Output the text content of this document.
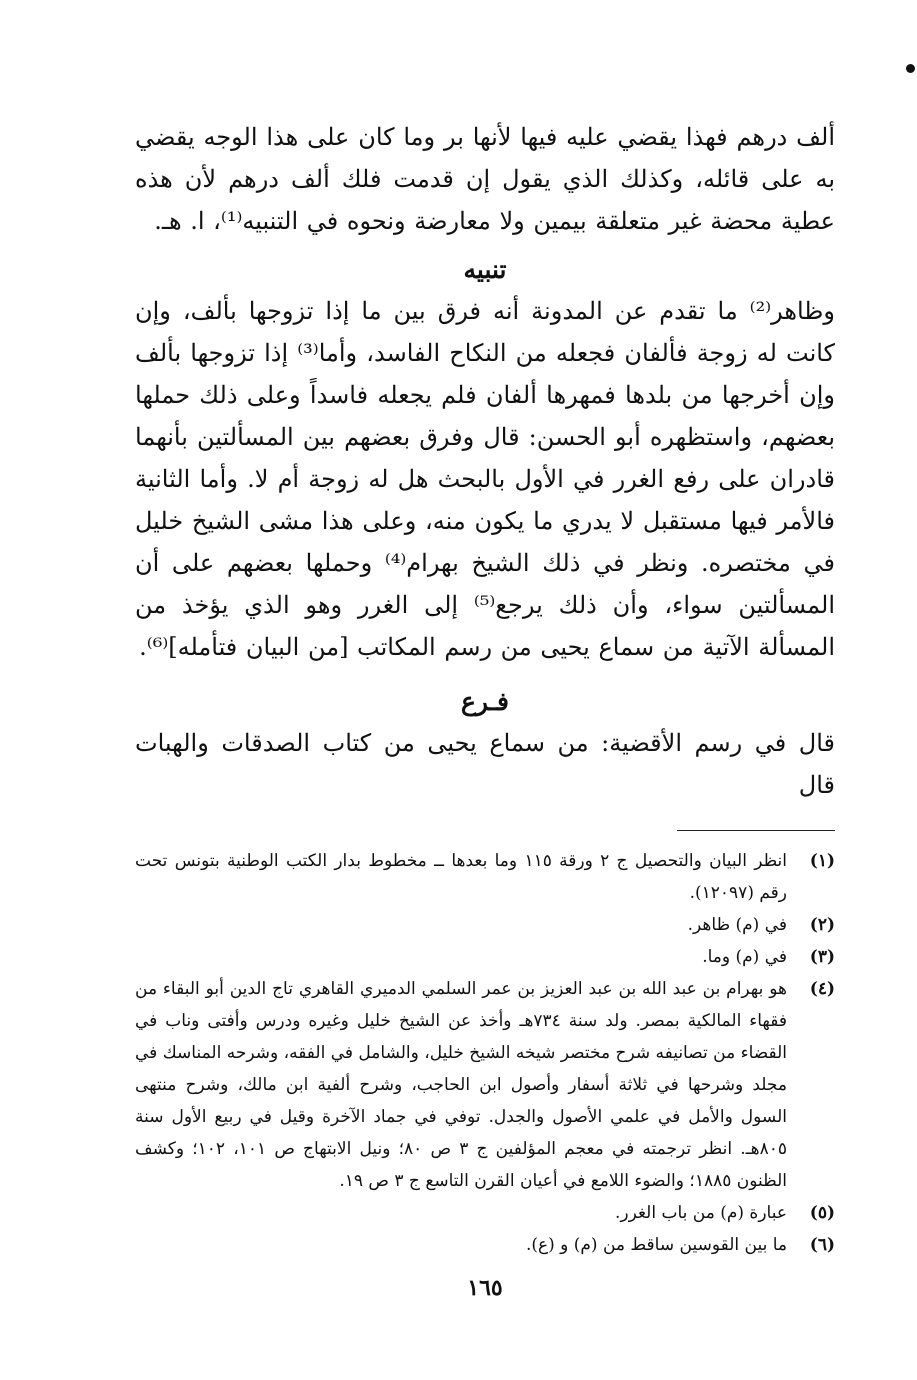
ألف درهم فهذا يقضي عليه فيها لأنها بر وما كان على هذا الوجه يقضي به على قائله، وكذلك الذي يقول إن قدمت فلك ألف درهم لأن هذه عطية محضة غير متعلقة بيمين ولا معارضة ونحوه في التنبيه⁽¹⁾، ا. هـ.

تنبيه

وظاهر⁽²⁾ ما تقدم عن المدونة أنه فرق بين ما إذا تزوجها بألف، وإن كانت له زوجة فألفان فجعله من النكاح الفاسد، وأما⁽³⁾ إذا تزوجها بألف وإن أخرجها من بلدها فمهرها ألفان فلم يجعله فاسداً وعلى ذلك حملها بعضهم، واستظهره أبو الحسن: قال وفرق بعضهم بين المسألتين بأنهما قادران على رفع الغرر في الأول بالبحث هل له زوجة أم لا. وأما الثانية فالأمر فيها مستقبل لا يدري ما يكون منه، وعلى هذا مشى الشيخ خليل في مختصره. ونظر في ذلك الشيخ بهرام⁽⁴⁾ وحملها بعضهم على أن المسألتين سواء، وأن ذلك يرجع⁽⁵⁾ إلى الغرر وهو الذي يؤخذ من المسألة الآتية من سماع يحيى من رسم المكاتب [من البيان فتأمله]⁽⁶⁾.

فـرع

قال في رسم الأقضية: من سماع يحيى من كتاب الصدقات والهبات قال

(١)
انظر البيان والتحصيل ج ٢ ورقة ١١٥ وما بعدها ــ مخطوط بدار الكتب الوطنية بتونس تحت رقم (١٢٠٩٧).
(٢)
في (م) ظاهر.
(٣)
في (م) وما.
(٤)
هو بهرام بن عبد الله بن عبد العزيز بن عمر السلمي الدميري القاهري تاج الدين أبو البقاء من فقهاء المالكية بمصر. ولد سنة ٧٣٤هـ وأخذ عن الشيخ خليل وغيره ودرس وأفتى وناب في القضاء من تصانيفه شرح مختصر شيخه الشيخ خليل، والشامل في الفقه، وشرحه المناسك في مجلد وشرحها في ثلاثة أسفار وأصول ابن الحاجب، وشرح ألفية ابن مالك، وشرح منتهى السول والأمل في علمي الأصول والجدل. توفي في جماد الآخرة وقيل في ربيع الأول سنة ٨٠٥هـ. انظر ترجمته في معجم المؤلفين ج ٣ ص ٨٠؛ ونيل الابتهاج ص ١٠١، ١٠٢؛ وكشف الظنون ١٨٨٥؛ والضوء اللامع في أعيان القرن التاسع ج ٣ ص ١٩.
(٥)
عبارة (م) من باب الغرر.
(٦)
ما بين القوسين ساقط من (م) و (ع).
١٦٥
